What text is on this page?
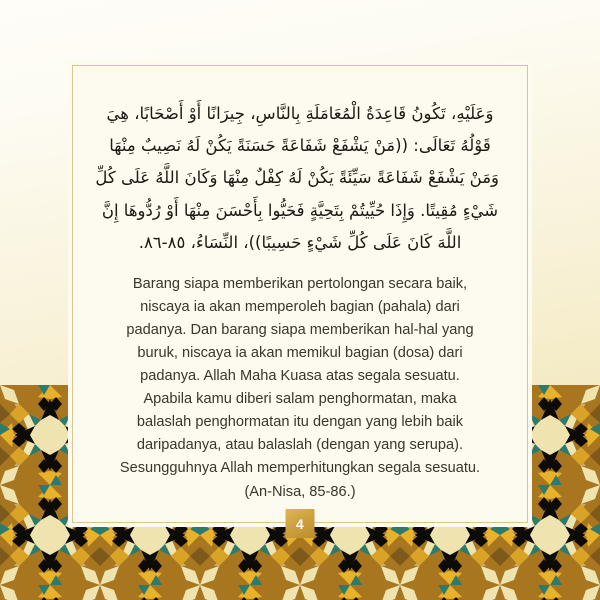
وَعَلَيْهِ، تَكُونُ قَاعِدَةُ الْمُعَامَلَةِ بِالنَّاسِ، جِيرَانًا أَوْ أَصْحَابًا، هِيَ
قَوْلُهُ تَعَالَى: ((مَنْ يَشْفَعْ شَفَاعَةً حَسَنَةً يَكُنْ لَهُ نَصِيبٌ مِنْهَا
وَمَنْ يَشْفَعْ شَفَاعَةً سَيِّئَةً يَكُنْ لَهُ كِفْلٌ مِنْهَا وَكَانَ اللَّهُ عَلَى كُلِّ
شَيْءٍ مُقِيتًا. وَإِذَا حُيِّيتُمْ بِتَحِيَّةٍ فَحَيُّوا بِأَحْسَنَ مِنْهَا أَوْ رُدُّوهَا إِنَّ
اللَّهَ كَانَ عَلَى كُلِّ شَيْءٍ حَسِيبًا))، النِّسَاءُ، ٨٥-٨٦.
Barang siapa memberikan pertolongan secara baik,
niscaya ia akan memperoleh bagian (pahala) dari
padanya. Dan barang siapa memberikan hal-hal yang
buruk, niscaya ia akan memikul bagian (dosa) dari
padanya. Allah Maha Kuasa atas segala sesuatu.
Apabila kamu diberi salam penghormatan, maka
balaslah penghormatan itu dengan yang lebih baik
daripadanya, atau balaslah (dengan yang serupa).
Sesungguhnya Allah memperhitungkan segala sesuatu.
(An-Nisa, 85-86.)
4
